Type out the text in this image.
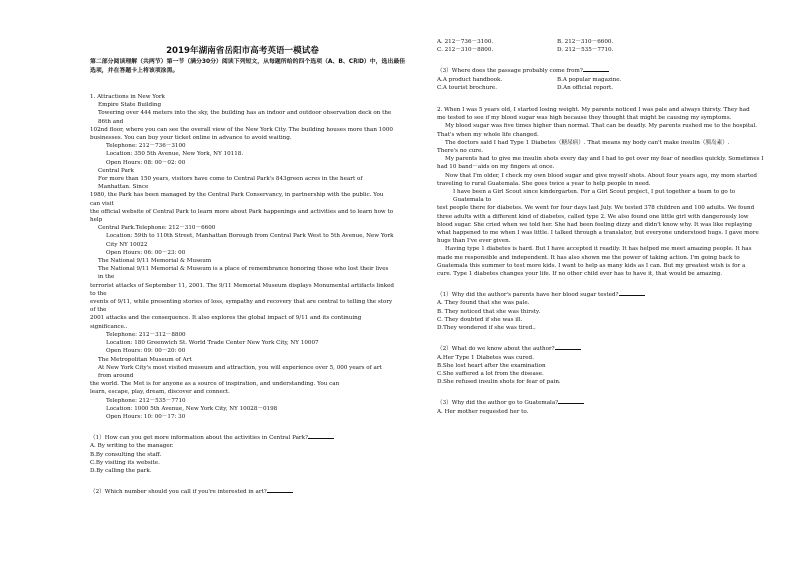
2019年湖南省岳阳市高考英语一模试卷
第二部分阅读理解（共两节）第一节（满分30分）阅读下列短文，从每题所给的四个选项（A、B、C和D）中，选出最佳选项，并在答题卡上将该项涂黑。

1. Attractions in New York

Empire State Building

Towering over 444 meters into the sky, the building has an indoor and outdoor observation deck on the 86th and

102nd floor, where you can see the overall view of the New York City. The building houses more than 1000

businesses. You can buy your ticket online in advance to avoid waiting.

Telephone: 212－736－3100

Location: 350 5th Avenue, New York, NY 10118.

Open Hours: 08: 00－02: 00

Central Park

For more than 150 years, visitors have come to Central Park's 843green acres in the heart of Manhattan. Since

1980, the Park has been managed by the Central Park Conservancy, in partnership with the public. You can visit

the official website of Central Park to learn more about Park happenings and activities and to learn how to help

Central Park.Telephone: 212－310－6600

Location: 59th to 110th Street, Manhattan Borough from Central Park West to 5th Avenue, New York

City NY 10022

Open Hours: 06: 00－23: 00

The National 9/11 Memorial & Museum

The National 9/11 Memorial & Museum is a place of remembrance honoring those who lost their lives in the

terrorist attacks of September 11, 2001. The 9/11 Memorial Museum displays Monumental artifacts linked to the

events of 9/11, while presenting stories of loss, sympathy and recovery that are central to telling the story of the

2001 attacks and the consequence. It also explores the global impact of 9/11 and its continuing significance..

Telephone: 212－312－8800

Location: 180 Greenwich St. World Trade Center New York City, NY 10007

Open Hours: 09: 00－20: 00

The Metropolitan Museum of Art

At New York City's most visited museum and attraction, you will experience over 5, 000 years of art from around

the world. The Met is for anyone as a source of inspiration, and understanding. You can

learn, escape, play, dream, discover and connect.

Telephone: 212－535－7710

Location: 1000 5th Avenue, New York City, NY 10028－0198

Open Hours: 10: 00－17: 30

（1）How can you get more information about the activities in Central Park?

A. By writing to the manager.

B.By consulting the staff.

C.By visiting its website.

D.By calling the park.

（2）Which number should you call if you're interested in art?

A. 212－736－3100.	B. 212－310－6600.
C. 212－310－8800.	D. 212－535－7710.

（3）Where does the passage probably come from?

A.A product handbook.	B.A popular magazine.
C.A tourist brochure.	D.An official report.

2. When I was 5 years old, I started losing weight. My parents noticed I was pale and always thirsty. They had

me tested to see if my blood sugar was high because they thought that might be causing my symptoms.

My blood sugar was five times higher than normal. That can be deadly. My parents rushed me to the hospital.

That's when my whole life changed.

The doctors said I had Type 1 Diabetes（糖尿病）. That means my body can't make insulin（胰岛素）.

There's no cure.

My parents had to give me insulin shots every day and I had to get over my fear of needles quickly. Sometimes I

had 10 band－aids on my fingers at once.

Now that I'm older, I check my own blood sugar and give myself shots. About four years ago, my mom started

traveling to rural Guatemala. She goes twice a year to help people in need.

I have been a Girl Scout since kindergarten. For a Girl Scout project, I put together a team to go to Guatemala to

test people there for diabetes. We went for four days last July. We tested 378 children and 100 adults. We found

three adults with a different kind of diabetes, called type 2. We also found one little girl with dangerously low

blood sugar. She cried when we told her. She had been feeling dizzy and didn't know why. It was like replaying

what happened to me when I was little. I talked through a translator, but everyone understood hugs. I gave more

hugs than I've ever given.

Having type 1 diabetes is hard. But I have accepted it readily. It has helped me meet amazing people. It has

made me responsible and independent. It has also shown me the power of taking action. I'm going back to

Guatemala this summer to test more kids. I want to help as many kids as I can. But my greatest wish is for a

cure. Type 1 diabetes changes your life. If no other child ever has to have it, that would be amazing.

（1）Why did the author's parents have her blood sugar tested?

A. They found that she was pale.

B. They noticed that she was thirsty.

C. They doubted if she was ill.

D.They wondered if she was tired..

（2）What do we know about the author?

A.Her Type 1 Diabetes was cured.

B.She lost heart after the examination

C.She suffered a lot from the disease.

D.She refused insulin shots for fear of pain.

（3）Why did the author go to Guatemala?

A. Her mother requested her to.
